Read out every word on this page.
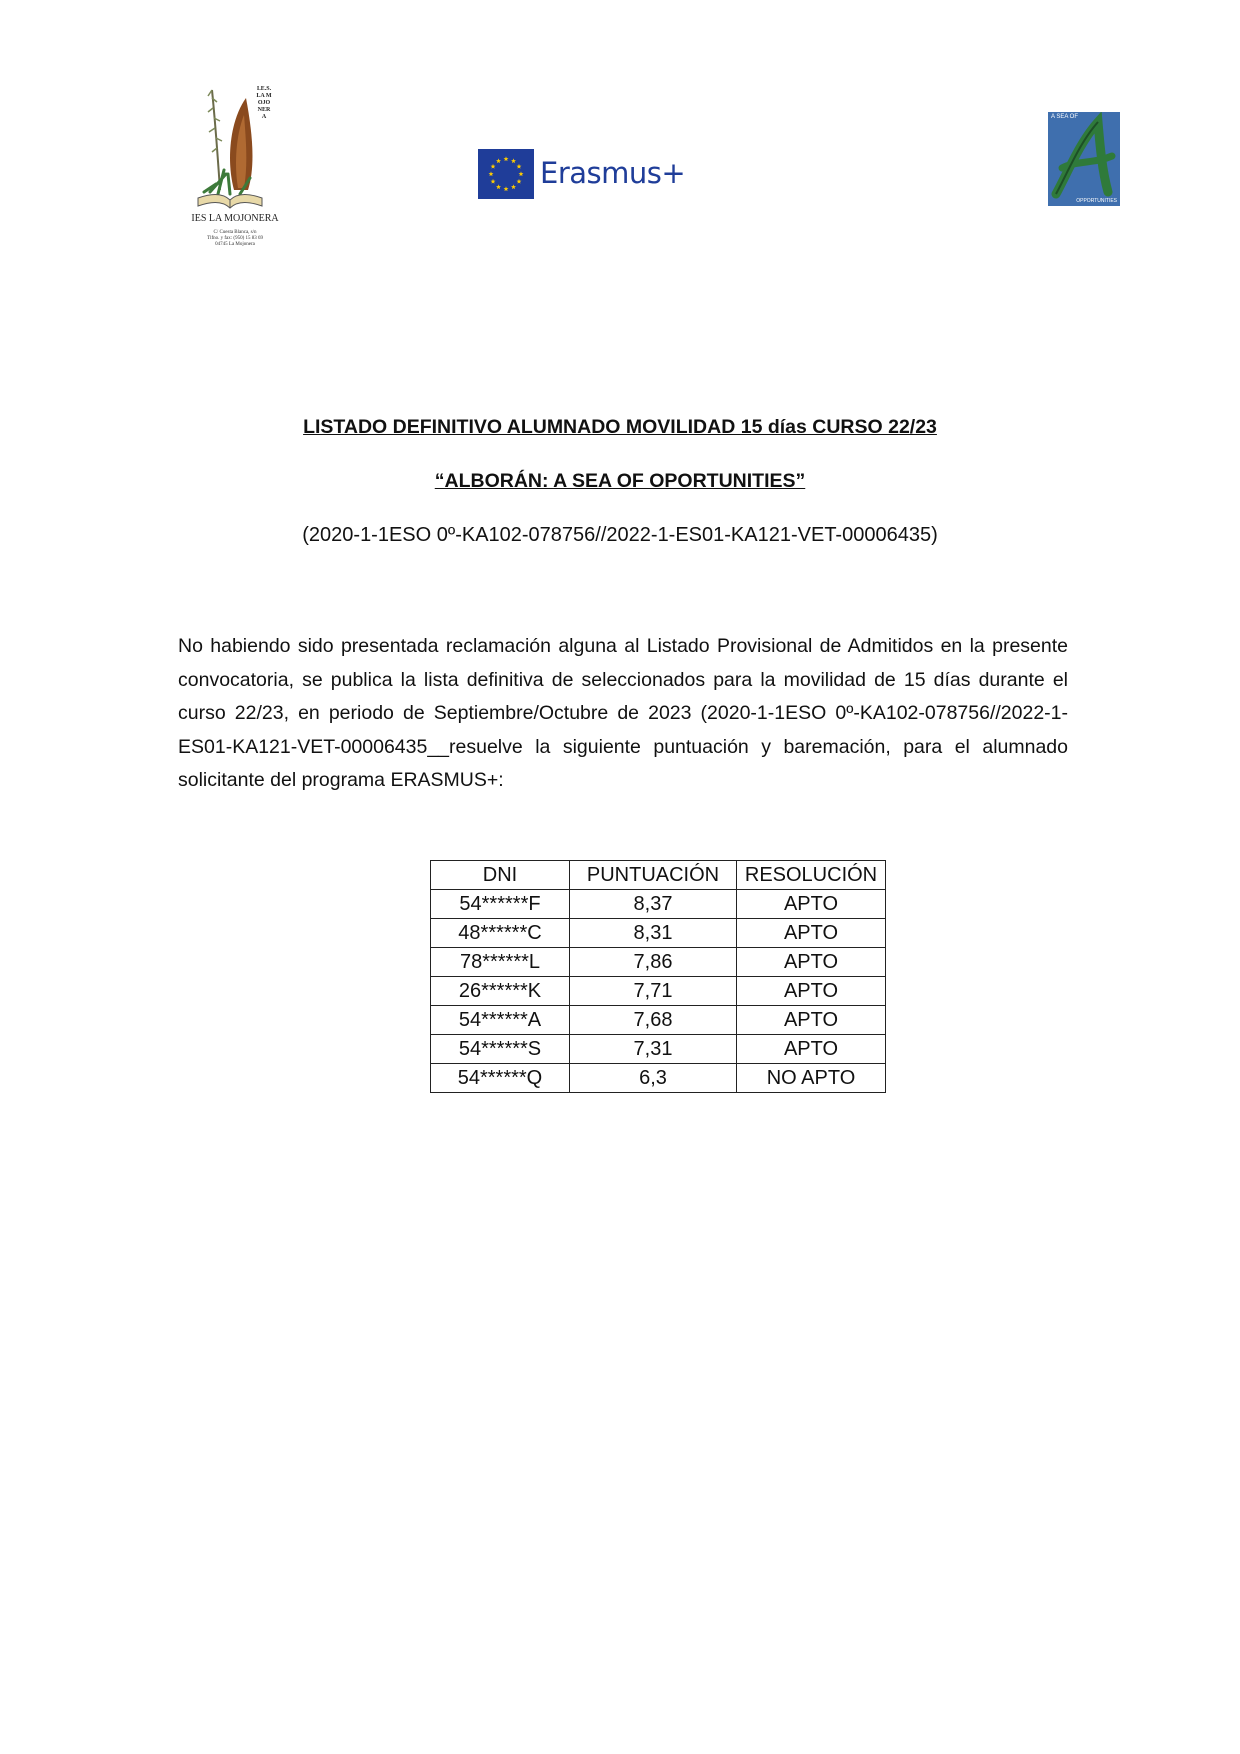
I.E.S. LA MOJONERA
IES LA MOJONERA
C/ Cuesta Blanca, s/n
Tlfno. y fax: (950) 15 83 69
04745 La Mojonera
Erasmus+
A SEA OF
OPPORTUNITIES
LISTADO DEFINITIVO ALUMNADO MOVILIDAD 15 días CURSO 22/23
“ALBORÁN: A SEA OF OPORTUNITIES”
(2020-1-1ESO 0º-KA102-078756//2022-1-ES01-KA121-VET-00006435)

No habiendo sido presentada reclamación alguna al Listado Provisional de Admitidos en la presente convocatoria, se publica la lista definitiva de seleccionados para la movilidad de 15 días durante el curso 22/23, en periodo de Septiembre/Octubre de 2023 (2020-1-1ESO 0º-KA102-078756//2022-1-ES01-KA121-VET-00006435__resuelve la siguiente puntuación y baremación, para el alumnado solicitante del programa ERASMUS+:

DNI	PUNTUACIÓN	RESOLUCIÓN
54******F	8,37	APTO
48******C	8,31	APTO
78******L	7,86	APTO
26******K	7,71	APTO
54******A	7,68	APTO
54******S	7,31	APTO
54******Q	6,3	NO APTO
